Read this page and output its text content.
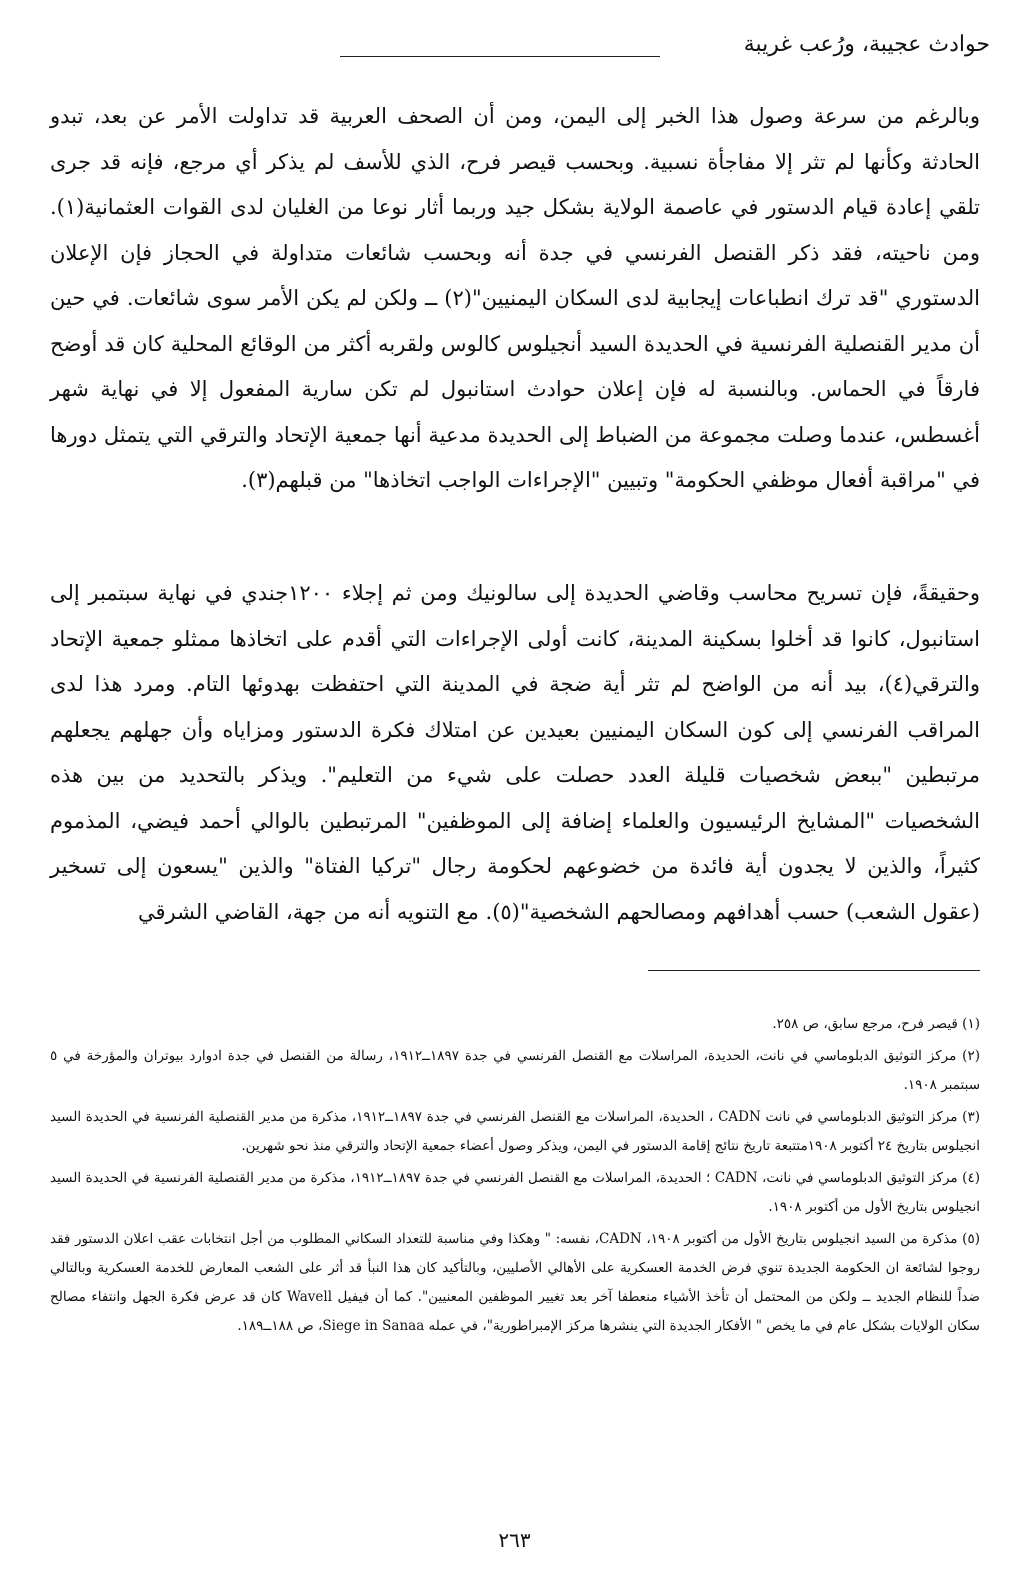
حوادث عجيبة، ورُعب غريبة
وبالرغم من سرعة وصول هذا الخبر إلى اليمن، ومن أن الصحف العربية قد تداولت الأمر عن بعد، تبدو الحادثة وكأنها لم تثر إلا مفاجأة نسبية. وبحسب قيصر فرح، الذي للأسف لم يذكر أي مرجع، فإنه قد جرى تلقي إعادة قيام الدستور في عاصمة الولاية بشكل جيد وربما أثار نوعا من الغليان لدى القوات العثمانية(١). ومن ناحيته، فقد ذكر القنصل الفرنسي في جدة أنه وبحسب شائعات متداولة في الحجاز فإن الإعلان الدستوري "قد ترك انطباعات إيجابية لدى السكان اليمنيين"(٢) ــ ولكن لم يكن الأمر سوى شائعات. في حين أن مدير القنصلية الفرنسية في الحديدة السيد أنجيلوس كالوس ولقربه أكثر من الوقائع المحلية كان قد أوضح فارقاً في الحماس. وبالنسبة له فإن إعلان حوادث استانبول لم تكن سارية المفعول إلا في نهاية شهر أغسطس، عندما وصلت مجموعة من الضباط إلى الحديدة مدعية أنها جمعية الإتحاد والترقي التي يتمثل دورها في "مراقبة أفعال موظفي الحكومة" وتبيين "الإجراءات الواجب اتخاذها" من قبلهم(٣).
وحقيقةً، فإن تسريح محاسب وقاضي الحديدة إلى سالونيك ومن ثم إجلاء ١٢٠٠جندي في نهاية سبتمبر إلى استانبول، كانوا قد أخلوا بسكينة المدينة، كانت أولى الإجراءات التي أقدم على اتخاذها ممثلو جمعية الإتحاد والترقي(٤)، بيد أنه من الواضح لم تثر أية ضجة في المدينة التي احتفظت بهدوئها التام. ومرد هذا لدى المراقب الفرنسي إلى كون السكان اليمنيين بعيدين عن امتلاك فكرة الدستور ومزاياه وأن جهلهم يجعلهم مرتبطين "ببعض شخصيات قليلة العدد حصلت على شيء من التعليم". ويذكر بالتحديد من بين هذه الشخصيات "المشايخ الرئيسيون والعلماء إضافة إلى الموظفين" المرتبطين بالوالي أحمد فيضي، المذموم كثيراً، والذين لا يجدون أية فائدة من خضوعهم لحكومة رجال "تركيا الفتاة" والذين "يسعون إلى تسخير (عقول الشعب) حسب أهدافهم ومصالحهم الشخصية"(٥). مع التنويه أنه من جهة، القاضي الشرقي
(١) قيصر فرح، مرجع سابق، ص ٢٥٨.
(٢) مركز التوثيق الدبلوماسي في نانت، الحديدة، المراسلات مع القنصل الفرنسي في جدة ١٨٩٧ــ١٩١٢، رسالة من القنصل في جدة ادوارد بيوتران والمؤرخة في ٥ سبتمبر ١٩٠٨.
(٣) مركز التوثيق الدبلوماسي في نانت CADN ، الحديدة، المراسلات مع القنصل الفرنسي في جدة ١٨٩٧ــ١٩١٢، مذكرة من مدير القنصلية الفرنسية في الحديدة السيد انجيلوس بتاريخ ٢٤ أكتوبر ١٩٠٨متتبعة تاريخ نتائج إقامة الدستور في اليمن، ويذكر وصول أعضاء جمعية الإتحاد والترقي منذ نحو شهرين.
(٤) مركز التوثيق الدبلوماسي في نانت، CADN ؛ الحديدة، المراسلات مع القنصل الفرنسي في جدة ١٨٩٧ــ١٩١٢، مذكرة من مدير القنصلية الفرنسية في الحديدة السيد انجيلوس بتاريخ الأول من أكتوبر ١٩٠٨.
(٥) مذكرة من السيد انجيلوس بتاريخ الأول من أكتوبر ١٩٠٨، CADN، نفسه: " وهكذا وفي مناسبة للتعداد السكاني المطلوب من أجل انتخابات عقب اعلان الدستور فقد روجوا لشائعة ان الحكومة الجديدة تنوي فرض الخدمة العسكرية على الأهالي الأصليين، وبالتأكيد كان هذا النبأ قد أثر على الشعب المعارض للخدمة العسكرية وبالتالي ضداً للنظام الجديد ــ ولكن من المحتمل أن تأخذ الأشياء منعطفا آخر بعد تغيير الموظفين المعنيين". كما أن فيفيل Wavell كان قد عرض فكرة الجهل وانتفاء مصالح سكان الولايات بشكل عام في ما يخص " الأفكار الجديدة التي ينشرها مركز الإمبراطورية"، في عمله Siege in Sanaa، ص ١٨٨ــ١٨٩.
٢٦٣
